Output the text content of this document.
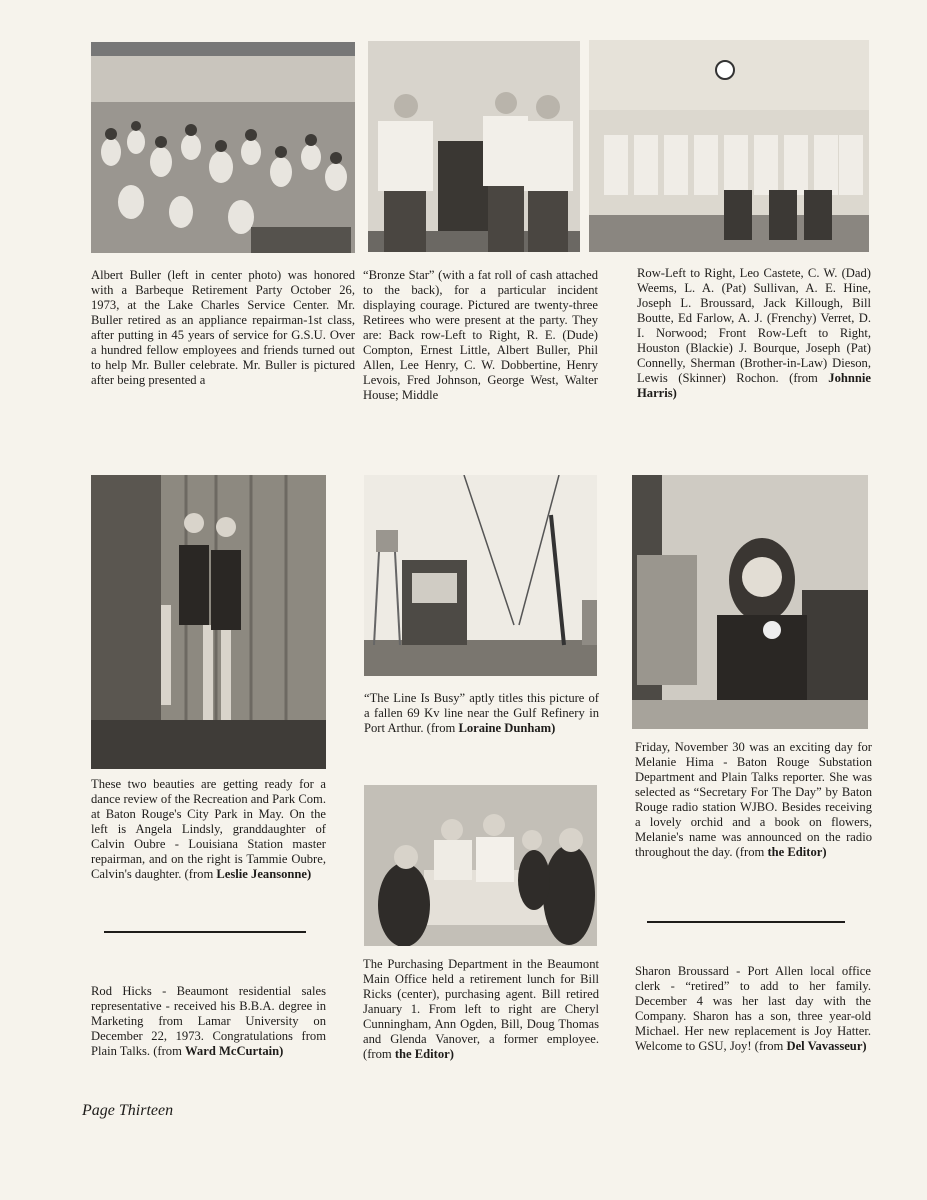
Albert Buller (left in center photo) was honored with a Barbeque Retirement Party October 26, 1973, at the Lake Charles Service Center. Mr. Buller retired as an appliance repairman-1st class, after putting in 45 years of service for G.S.U. Over a hundred fellow employees and friends turned out to help Mr. Buller celebrate. Mr. Buller is pictured after being presented a

“Bronze Star” (with a fat roll of cash attached to the back), for a particular incident displaying courage. Pictured are twenty-three Retirees who were present at the party. They are: Back row-Left to Right, R. E. (Dude) Compton, Ernest Little, Albert Buller, Phil Allen, Lee Henry, C. W. Dobbertine, Henry Levois, Fred Johnson, George West, Walter House; Middle

Row-Left to Right, Leo Castete, C. W. (Dad) Weems, L. A. (Pat) Sullivan, A. E. Hine, Joseph L. Broussard, Jack Killough, Bill Boutte, Ed Farlow, A. J. (Frenchy) Verret, D. I. Norwood; Front Row-Left to Right, Houston (Blackie) J. Bourque, Joseph (Pat) Connelly, Sherman (Brother-in-Law) Dieson, Lewis (Skinner) Rochon. (from Johnnie Harris)
These two beauties are getting ready for a dance review of the Recreation and Park Com. at Baton Rouge's City Park in May. On the left is Angela Lindsly, granddaughter of Calvin Oubre - Louisiana Station master repairman, and on the right is Tammie Oubre, Calvin's daughter. (from Leslie Jeansonne)
“The Line Is Busy” aptly titles this picture of a fallen 69 Kv line near the Gulf Refinery in Port Arthur. (from Loraine Dunham)
Friday, November 30 was an exciting day for Melanie Hima - Baton Rouge Substation Department and Plain Talks reporter. She was selected as “Secretary For The Day” by Baton Rouge radio station WJBO. Besides receiving a lovely orchid and a book on flowers, Melanie's name was announced on the radio throughout the day. (from the Editor)
Rod Hicks - Beaumont residential sales representative - received his B.B.A. degree in Marketing from Lamar University on December 22, 1973. Congratulations from Plain Talks. (from Ward McCurtain)
The Purchasing Department in the Beaumont Main Office held a retirement lunch for Bill Ricks (center), purchasing agent. Bill retired January 1. From left to right are Cheryl Cunningham, Ann Ogden, Bill, Doug Thomas and Glenda Vanover, a former employee. (from the Editor)
Sharon Broussard - Port Allen local office clerk - “retired” to add to her family. December 4 was her last day with the Company. Sharon has a son, three year-old Michael. Her new replacement is Joy Hatter. Welcome to GSU, Joy! (from Del Vavasseur)
Page Thirteen
